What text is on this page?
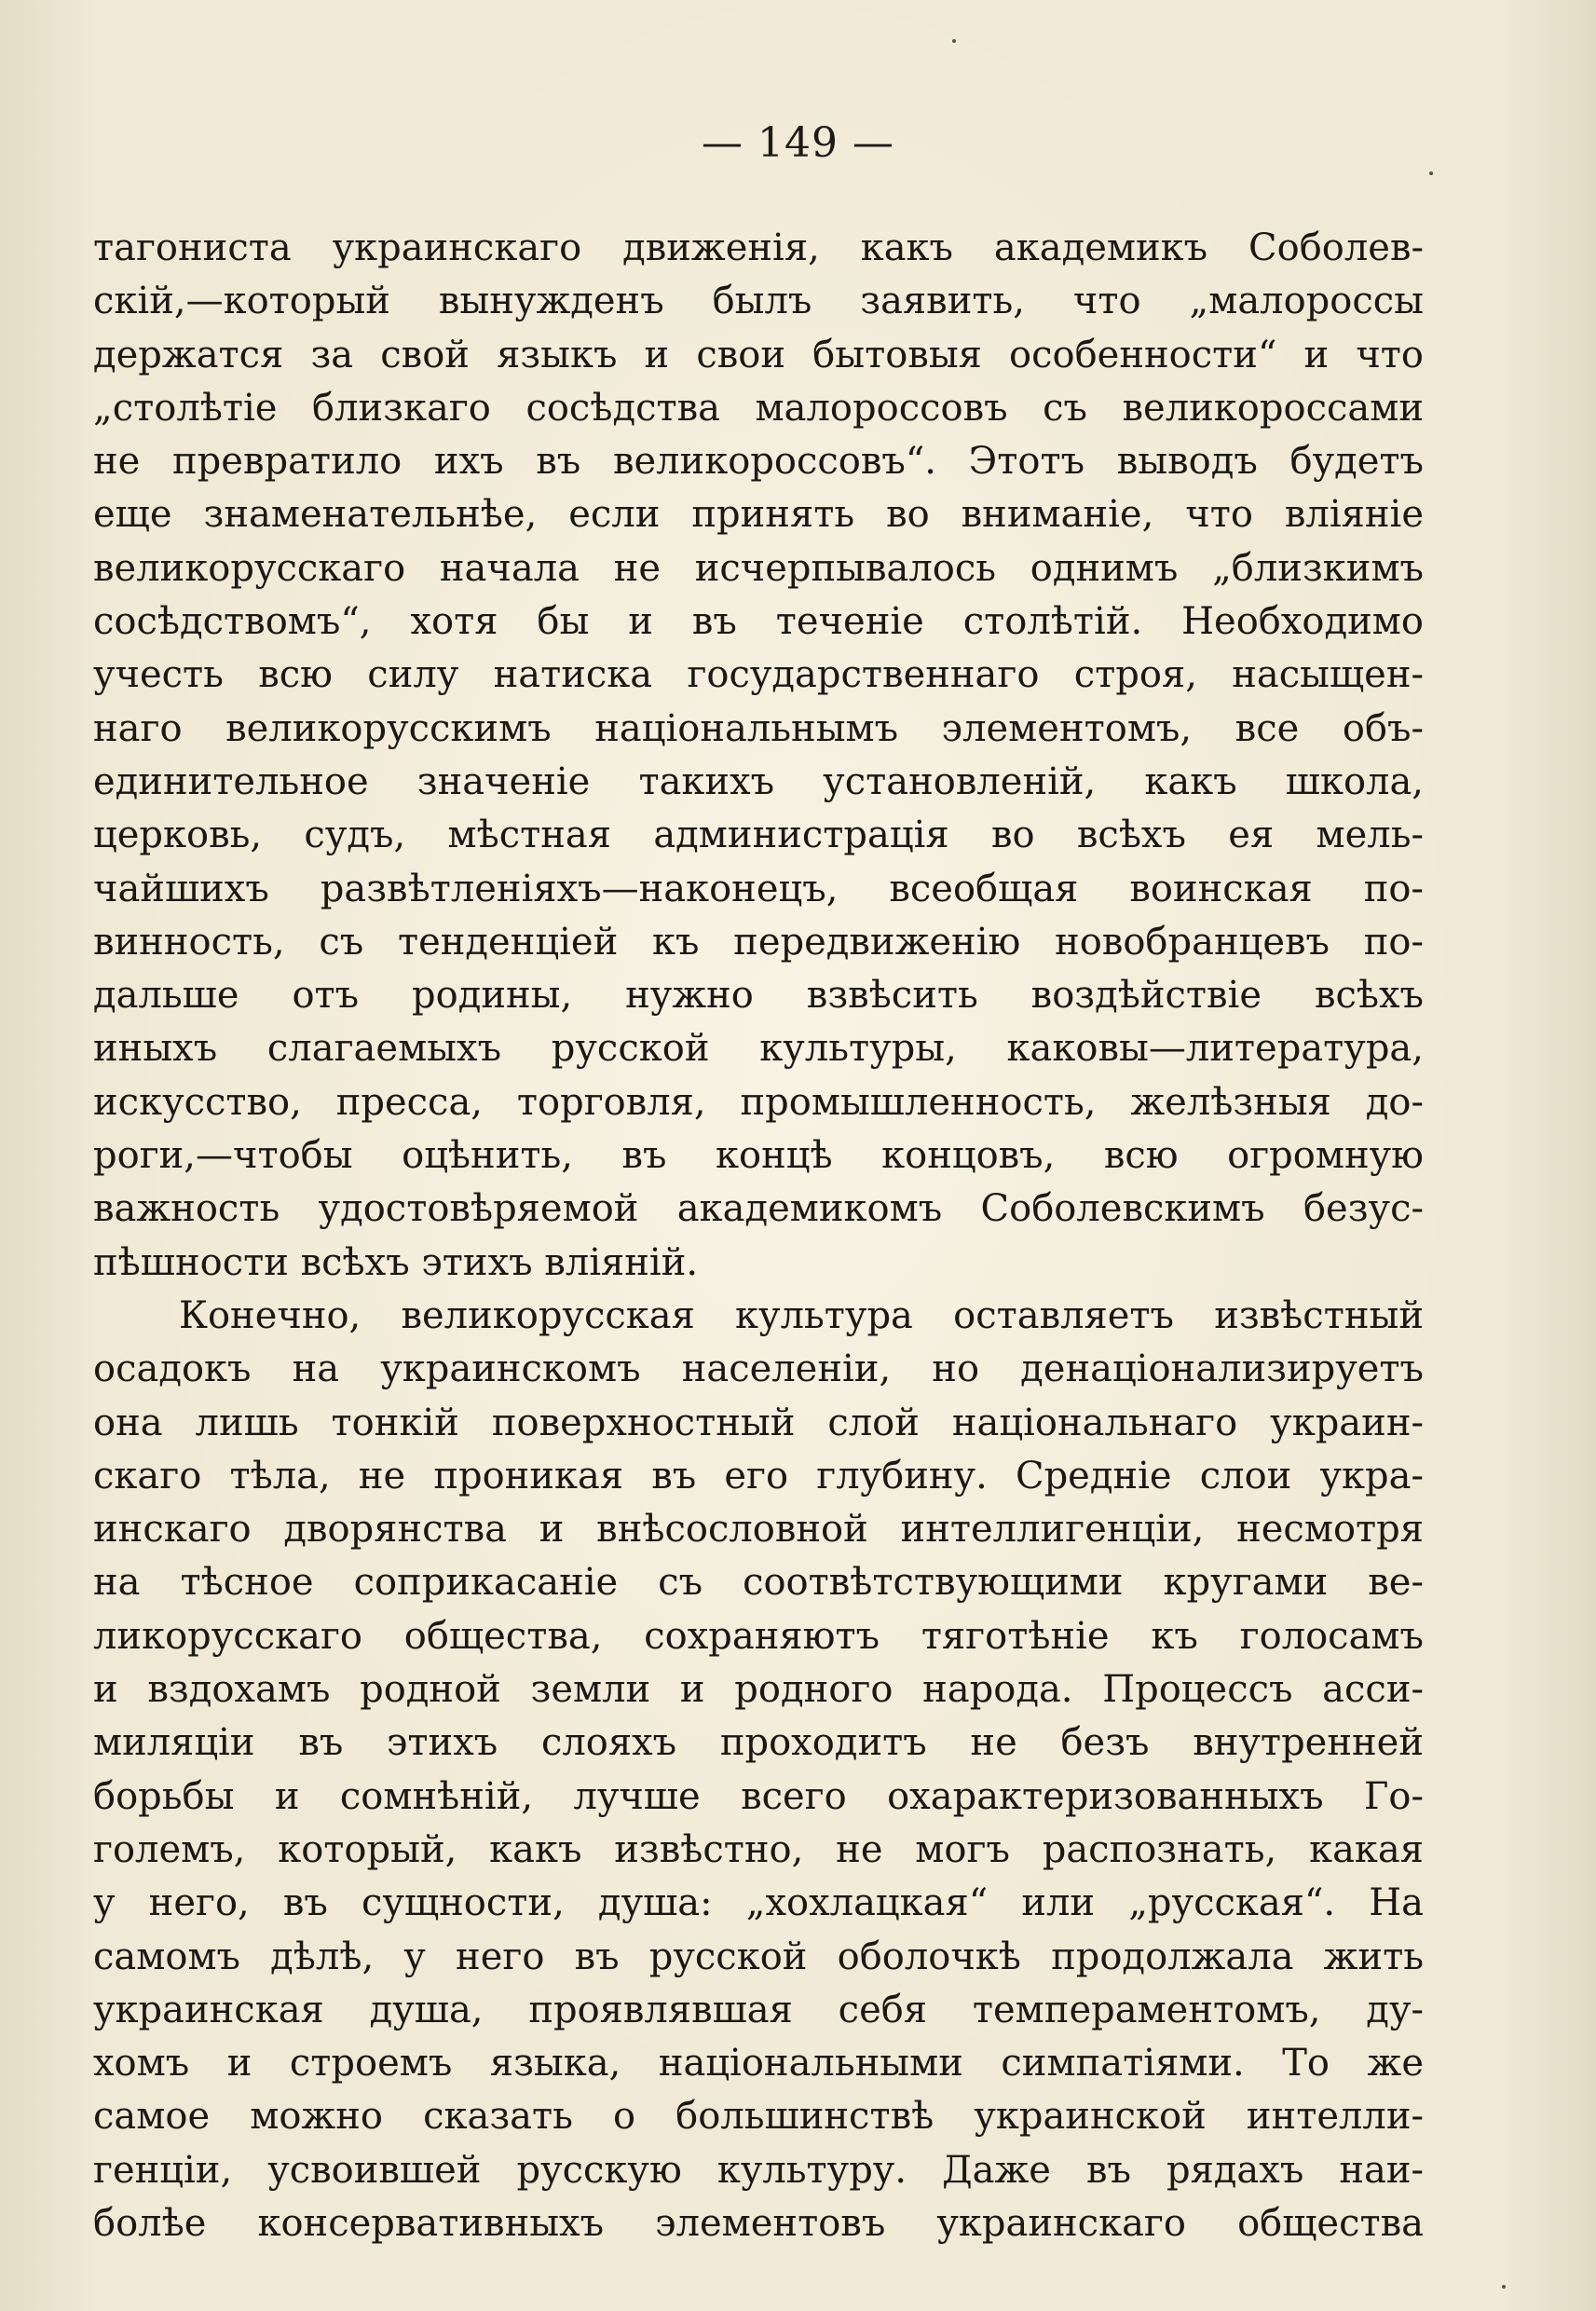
— 149 —
тагониста украинскаго движенія, какъ академикъ Соболев-
скій,—который вынужденъ былъ заявить, что „малороссы
держатся за свой языкъ и свои бытовыя особенности“ и что
„столѣтіе близкаго сосѣдства малороссовъ съ великороссами
не превратило ихъ въ великороссовъ“. Этотъ выводъ будетъ
еще знаменательнѣе, если принять во вниманіе, что вліяніе
великорусскаго начала не исчерпывалось однимъ „близкимъ
сосѣдствомъ“, хотя бы и въ теченіе столѣтій. Необходимо
учесть всю силу натиска государственнаго строя, насыщен-
наго великорусскимъ національнымъ элементомъ, все объ-
единительное значеніе такихъ установленій, какъ школа,
церковь, судъ, мѣстная администрація во всѣхъ ея мель-
чайшихъ развѣтленіяхъ—наконецъ, всеобщая воинская по-
винность, съ тенденціей къ передвиженію новобранцевъ по-
дальше отъ родины, нужно взвѣсить воздѣйствіе всѣхъ
иныхъ слагаемыхъ русской культуры, каковы—литература,
искусство, пресса, торговля, промышленность, желѣзныя до-
роги,—чтобы оцѣнить, въ концѣ концовъ, всю огромную
важность удостовѣряемой академикомъ Соболевскимъ безус-
пѣшности всѣхъ этихъ вліяній.
Конечно, великорусская культура оставляетъ извѣстный
осадокъ на украинскомъ населеніи, но денаціонализируетъ
она лишь тонкій поверхностный слой національнаго украин-
скаго тѣла, не проникая въ его глубину. Средніе слои укра-
инскаго дворянства и внѣсословной интеллигенціи, несмотря
на тѣсное соприкасаніе съ соотвѣтствующими кругами ве-
ликорусскаго общества, сохраняютъ тяготѣніе къ голосамъ
и вздохамъ родной земли и родного народа. Процессъ асси-
миляціи въ этихъ слояхъ проходитъ не безъ внутренней
борьбы и сомнѣній, лучше всего охарактеризованныхъ Го-
големъ, который, какъ извѣстно, не могъ распознать, какая
у него, въ сущности, душа: „хохлацкая“ или „русская“. На
самомъ дѣлѣ, у него въ русской оболочкѣ продолжала жить
украинская душа, проявлявшая себя темпераментомъ, ду-
хомъ и строемъ языка, національными симпатіями. То же
самое можно сказать о большинствѣ украинской интелли-
генціи, усвоившей русскую культуру. Даже въ рядахъ наи-
болѣе консервативныхъ элементовъ украинскаго общества
